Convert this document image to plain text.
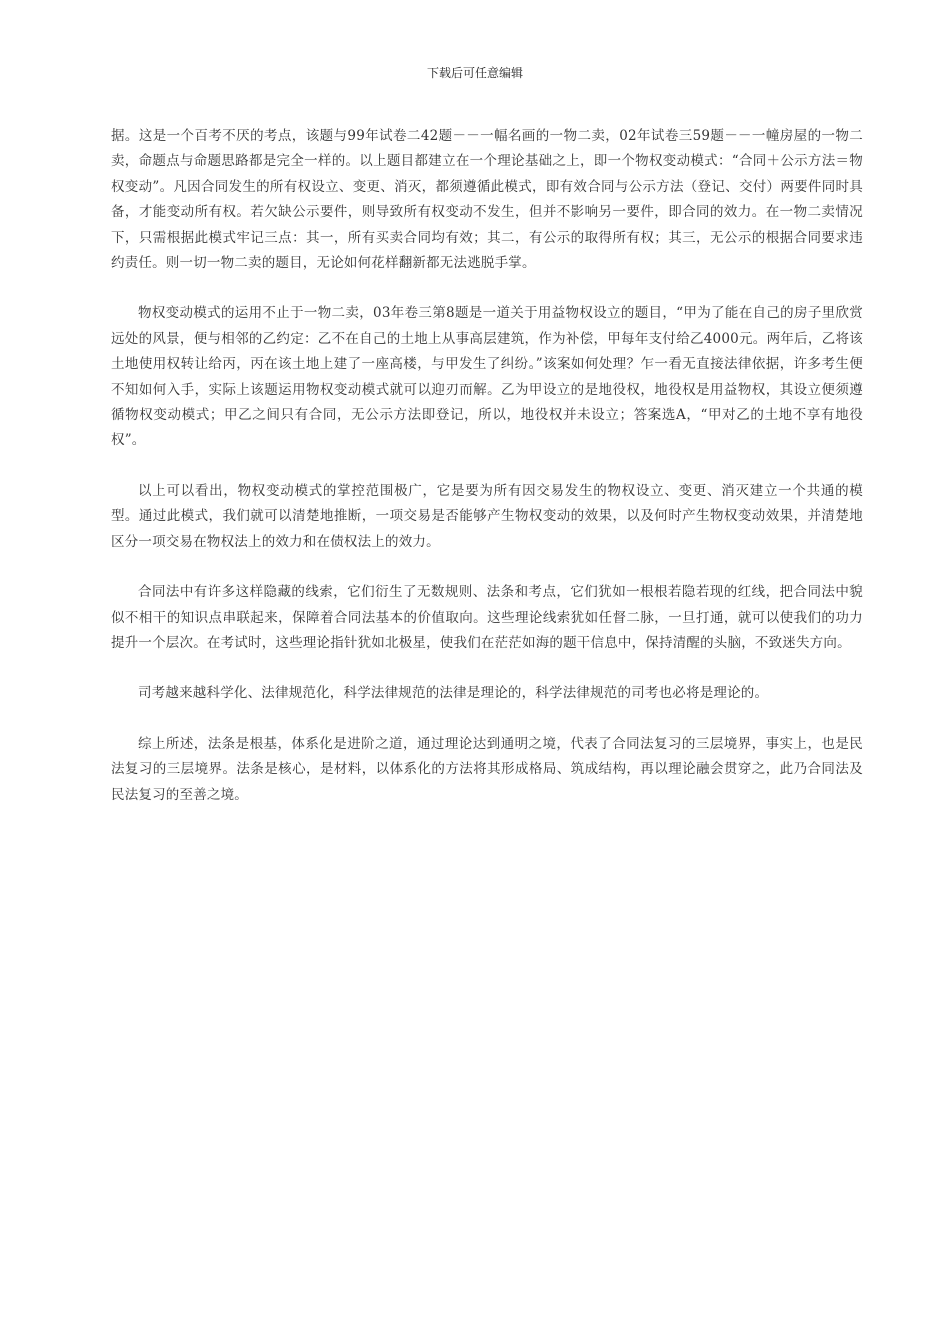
下载后可任意编辑

据。这是一个百考不厌的考点，该题与99年试卷二42题－－一幅名画的一物二卖，02年试卷三59题－－一幢房屋的一物二卖，命题点与命题思路都是完全一样的。以上题目都建立在一个理论基础之上，即一个物权变动模式：“合同＋公示方法＝物权变动”。凡因合同发生的所有权设立、变更、消灭，都须遵循此模式，即有效合同与公示方法（登记、交付）两要件同时具备，才能变动所有权。若欠缺公示要件，则导致所有权变动不发生，但并不影响另一要件，即合同的效力。在一物二卖情况下，只需根据此模式牢记三点：其一，所有买卖合同均有效；其二，有公示的取得所有权；其三，无公示的根据合同要求违约责任。则一切一物二卖的题目，无论如何花样翻新都无法逃脱手掌。

物权变动模式的运用不止于一物二卖，03年卷三第8题是一道关于用益物权设立的题目，“甲为了能在自己的房子里欣赏远处的风景，便与相邻的乙约定：乙不在自己的土地上从事高层建筑，作为补偿，甲每年支付给乙4000元。两年后，乙将该土地使用权转让给丙，丙在该土地上建了一座高楼，与甲发生了纠纷。”该案如何处理？乍一看无直接法律依据，许多考生便不知如何入手，实际上该题运用物权变动模式就可以迎刃而解。乙为甲设立的是地役权，地役权是用益物权，其设立便须遵循物权变动模式；甲乙之间只有合同，无公示方法即登记，所以，地役权并未设立；答案选A，“甲对乙的土地不享有地役权”。

以上可以看出，物权变动模式的掌控范围极广，它是要为所有因交易发生的物权设立、变更、消灭建立一个共通的模型。通过此模式，我们就可以清楚地推断，一项交易是否能够产生物权变动的效果，以及何时产生物权变动效果，并清楚地区分一项交易在物权法上的效力和在债权法上的效力。

合同法中有许多这样隐藏的线索，它们衍生了无数规则、法条和考点，它们犹如一根根若隐若现的红线，把合同法中貌似不相干的知识点串联起来，保障着合同法基本的价值取向。这些理论线索犹如任督二脉，一旦打通，就可以使我们的功力提升一个层次。在考试时，这些理论指针犹如北极星，使我们在茫茫如海的题干信息中，保持清醒的头脑，不致迷失方向。

司考越来越科学化、法律规范化，科学法律规范的法律是理论的，科学法律规范的司考也必将是理论的。

综上所述，法条是根基，体系化是进阶之道，通过理论达到通明之境，代表了合同法复习的三层境界，事实上，也是民法复习的三层境界。法条是核心，是材料，以体系化的方法将其形成格局、筑成结构，再以理论融会贯穿之，此乃合同法及民法复习的至善之境。
